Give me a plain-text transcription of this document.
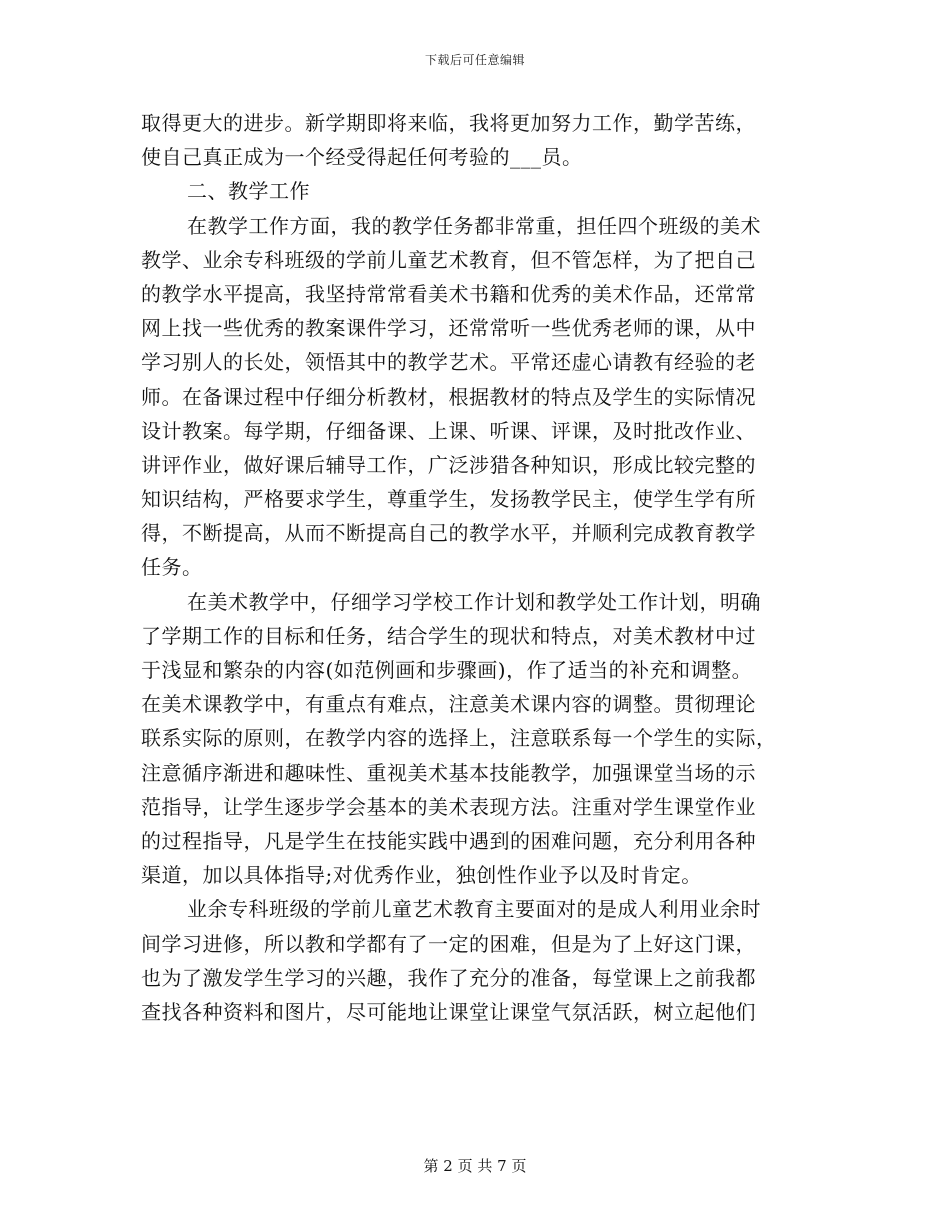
下载后可任意编辑
取得更大的进步。新学期即将来临，我将更加努力工作，勤学苦练，
使自己真正成为一个经受得起任何考验的___员。
二、教学工作
在教学工作方面，我的教学任务都非常重，担任四个班级的美术
教学、业余专科班级的学前儿童艺术教育，但不管怎样，为了把自己
的教学水平提高，我坚持常常看美术书籍和优秀的美术作品，还常常
网上找一些优秀的教案课件学习，还常常听一些优秀老师的课，从中
学习别人的长处，领悟其中的教学艺术。平常还虚心请教有经验的老
师。在备课过程中仔细分析教材，根据教材的特点及学生的实际情况
设计教案。每学期，仔细备课、上课、听课、评课，及时批改作业、
讲评作业，做好课后辅导工作，广泛涉猎各种知识，形成比较完整的
知识结构，严格要求学生，尊重学生，发扬教学民主，使学生学有所
得，不断提高，从而不断提高自己的教学水平，并顺利完成教育教学
任务。
在美术教学中，仔细学习学校工作计划和教学处工作计划，明确
了学期工作的目标和任务，结合学生的现状和特点，对美术教材中过
于浅显和繁杂的内容(如范例画和步骤画)，作了适当的补充和调整。
在美术课教学中，有重点有难点，注意美术课内容的调整。贯彻理论
联系实际的原则，在教学内容的选择上，注意联系每一个学生的实际，
注意循序渐进和趣味性、重视美术基本技能教学，加强课堂当场的示
范指导，让学生逐步学会基本的美术表现方法。注重对学生课堂作业
的过程指导，凡是学生在技能实践中遇到的困难问题，充分利用各种
渠道，加以具体指导;对优秀作业，独创性作业予以及时肯定。
业余专科班级的学前儿童艺术教育主要面对的是成人利用业余时
间学习进修，所以教和学都有了一定的困难，但是为了上好这门课，
也为了激发学生学习的兴趣，我作了充分的准备，每堂课上之前我都
查找各种资料和图片，尽可能地让课堂让课堂气氛活跃，树立起他们
第 2 页 共 7 页
